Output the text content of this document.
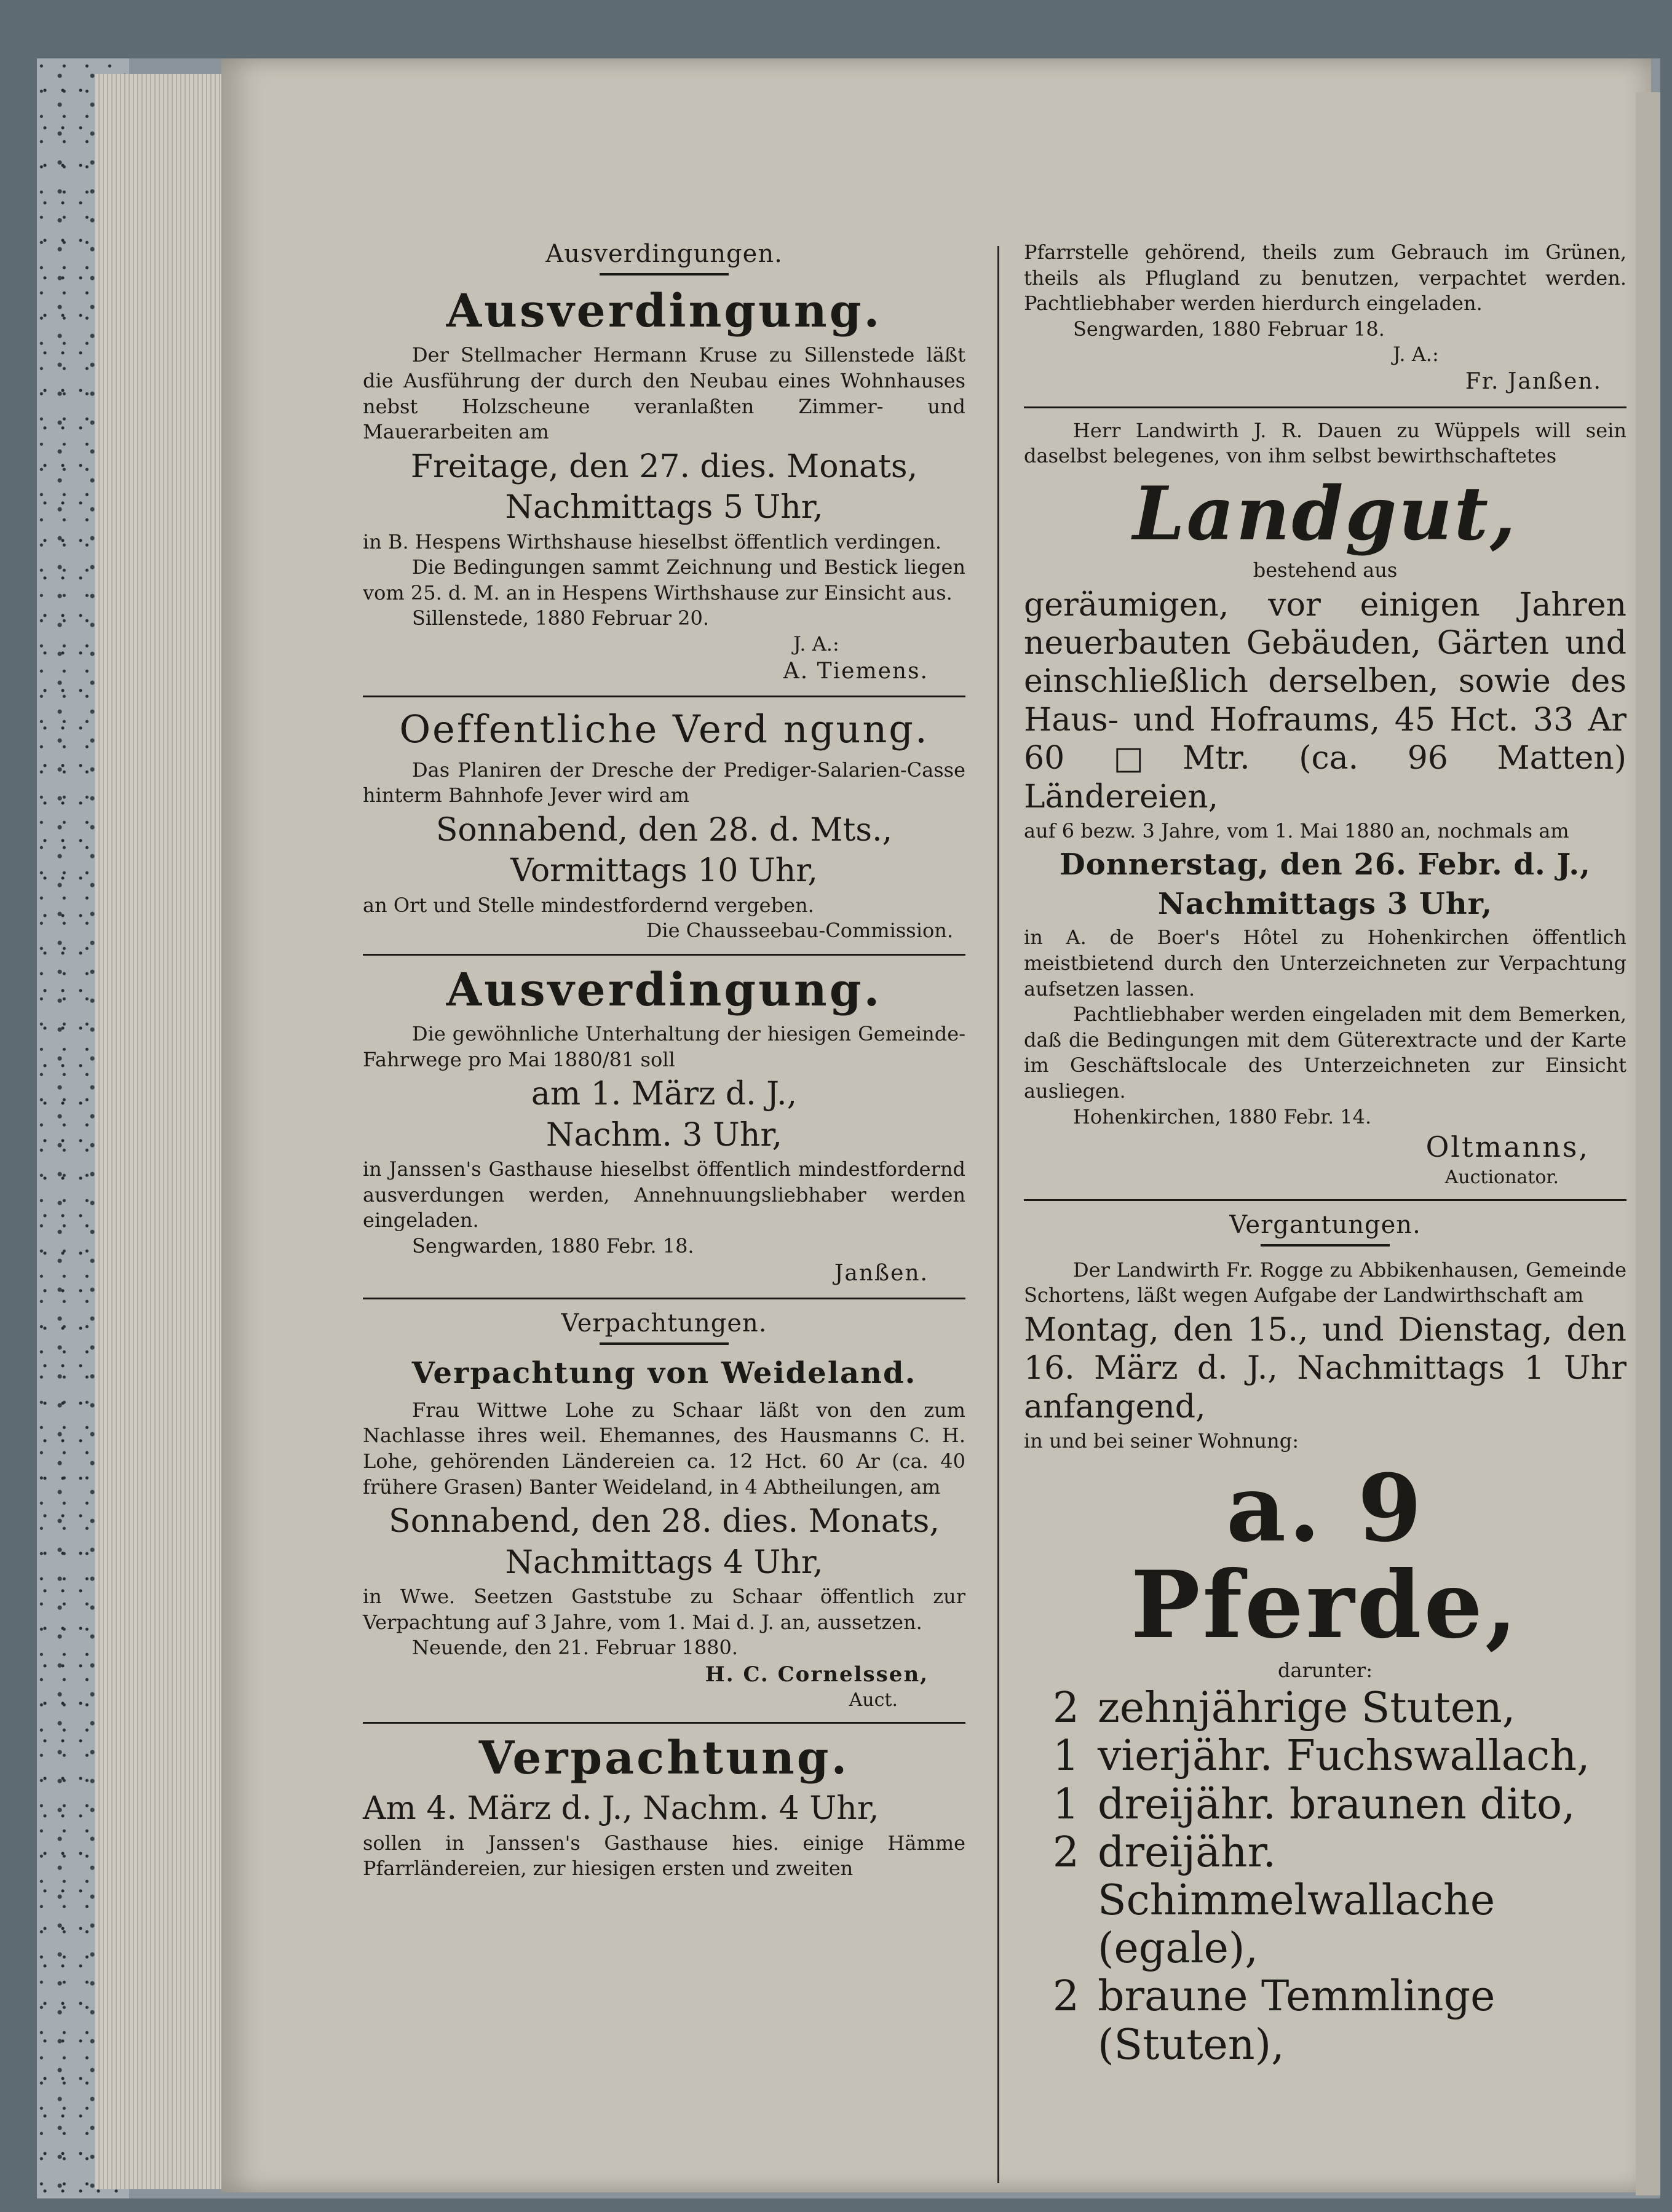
Ausverdingungen.
Ausverdingung.

Der Stellmacher Hermann Kruse zu Sillenstede läßt die Ausführung der durch den Neubau eines Wohnhauses nebst Holzscheune veranlaßten Zimmer- und Mauerarbeiten am

Freitage, den 27. dies. Monats,
Nachmittags 5 Uhr,

in B. Hespens Wirthshause hieselbst öffentlich verdingen.

Die Bedingungen sammt Zeichnung und Bestick liegen vom 25. d. M. an in Hespens Wirthshause zur Einsicht aus.

Sillenstede, 1880 Februar 20.
J. A.:
A. Tiemens.
Oeffentliche Verd ngung.

Das Planiren der Dresche der Prediger-Salarien-Casse hinterm Bahnhofe Jever wird am

Sonnabend, den 28. d. Mts.,
Vormittags 10 Uhr,

an Ort und Stelle mindestfordernd vergeben.

Die Chausseebau-Commission.
Ausverdingung.

Die gewöhnliche Unterhaltung der hiesigen Gemeinde-Fahrwege pro Mai 1880/81 soll

am 1. März d. J.,
Nachm. 3 Uhr,

in Janssen's Gasthause hieselbst öffentlich mindestfordernd ausverdungen werden, Annehnuungsliebhaber werden eingeladen.

Sengwarden, 1880 Febr. 18.
Janßen.
Verpachtungen.
Verpachtung von Weideland.

Frau Wittwe Lohe zu Schaar läßt von den zum Nachlasse ihres weil. Ehemannes, des Hausmanns C. H. Lohe, gehörenden Ländereien ca. 12 Hct. 60 Ar (ca. 40 frühere Grasen) Banter Weideland, in 4 Abtheilungen, am

Sonnabend, den 28. dies. Monats,
Nachmittags 4 Uhr,

in Wwe. Seetzen Gaststube zu Schaar öffentlich zur Verpachtung auf 3 Jahre, vom 1. Mai d. J. an, aussetzen.

Neuende, den 21. Februar 1880.
H. C. Cornelssen,
Auct.
Verpachtung.
Am 4. März d. J., Nachm. 4 Uhr,

sollen in Janssen's Gasthause hies. einige Hämme Pfarrländereien, zur hiesigen ersten und zweiten

Pfarrstelle gehörend, theils zum Gebrauch im Grünen, theils als Pflugland zu benutzen, verpachtet werden. Pachtliebhaber werden hierdurch eingeladen.

Sengwarden, 1880 Februar 18.
J. A.:
Fr. Janßen.

Herr Landwirth J. R. Dauen zu Wüppels will sein daselbst belegenes, von ihm selbst bewirthschaftetes

Landgut,
bestehend aus
geräumigen, vor einigen Jahren neuerbauten Gebäuden, Gärten und einschließlich derselben, sowie des Haus- und Hofraums, 45 Hct. 33 Ar 60 □Mtr. (ca. 96 Matten) Ländereien,

auf 6 bezw. 3 Jahre, vom 1. Mai 1880 an, nochmals am

Donnerstag, den 26. Febr. d. J.,
Nachmittags 3 Uhr,

in A. de Boer's Hôtel zu Hohenkirchen öffentlich meistbietend durch den Unterzeichneten zur Verpachtung aufsetzen lassen.

Pachtliebhaber werden eingeladen mit dem Bemerken, daß die Bedingungen mit dem Güterextracte und der Karte im Geschäftslocale des Unterzeichneten zur Einsicht ausliegen.

Hohenkirchen, 1880 Febr. 14.
Oltmanns,
Auctionator.
Vergantungen.

Der Landwirth Fr. Rogge zu Abbikenhausen, Gemeinde Schortens, läßt wegen Aufgabe der Landwirthschaft am

Montag, den 15., und Dienstag, den 16. März d. J., Nachmittags 1 Uhr anfangend,

in und bei seiner Wohnung:

a. 9 Pferde,
darunter:
2 zehnjährige Stuten,
1 vierjähr. Fuchswallach,
1 dreijähr. braunen dito,
2 dreijähr. Schimmelwallache (egale),
2 braune Temmlinge (Stuten),
